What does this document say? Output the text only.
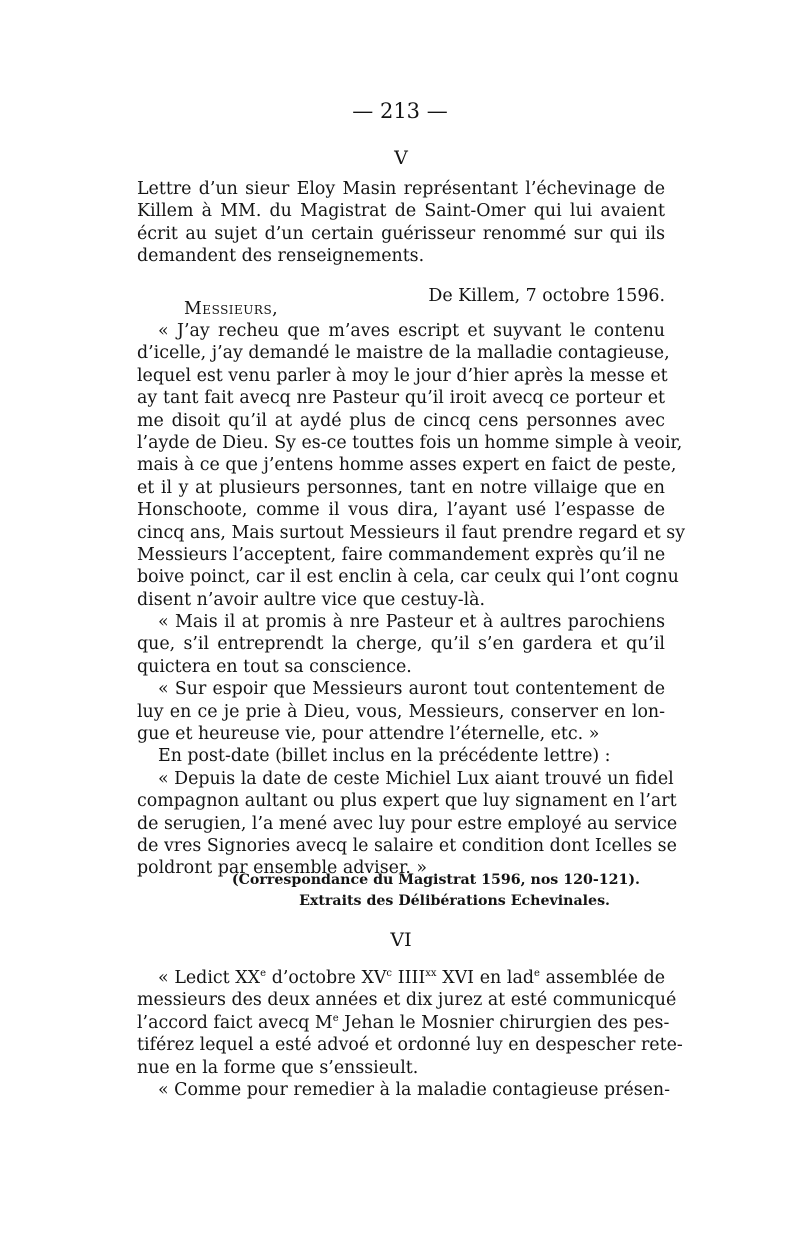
— 213 —
V
Lettre d’un sieur Eloy Masin représentant l’échevinage de
Killem à MM. du Magistrat de Saint-Omer qui lui avaient
écrit au sujet d’un certain guérisseur renommé sur qui ils
demandent des renseignements.
De Killem, 7 octobre 1596.
Messieurs,
« J’ay recheu que m’aves escript et suyvant le contenu
d’icelle, j’ay demandé le maistre de la malladie contagieuse,
lequel est venu parler à moy le jour d’hier après la messe et
ay tant fait avecq nre Pasteur qu’il iroit avecq ce porteur et
me disoit qu’il at aydé plus de cincq cens personnes avec
l’ayde de Dieu. Sy es-ce touttes fois un homme simple à veoir,
mais à ce que j’entens homme asses expert en faict de peste,
et il y at plusieurs personnes, tant en notre villaige que en
Honschoote, comme il vous dira, l’ayant usé l’espasse de
cincq ans, Mais surtout Messieurs il faut prendre regard et sy
Messieurs l’acceptent, faire commandement exprès qu’il ne
boive poinct, car il est enclin à cela, car ceulx qui l’ont cognu
disent n’avoir aultre vice que cestuy-là.
« Mais il at promis à nre Pasteur et à aultres parochiens
que, s’il entreprendt la cherge, qu’il s’en gardera et qu’il
quictera en tout sa conscience.
« Sur espoir que Messieurs auront tout contentement de
luy en ce je prie à Dieu, vous, Messieurs, conserver en lon-
gue et heureuse vie, pour attendre l’éternelle, etc. »
En post-date (billet inclus en la précédente lettre) :
« Depuis la date de ceste Michiel Lux aiant trouvé un fidel
compagnon aultant ou plus expert que luy signament en l’art
de serugien, l’a mené avec luy pour estre employé au service
de vres Signories avecq le salaire et condition dont Icelles se
poldront par ensemble adviser. »
(Correspondance du Magistrat 1596, nos 120-121).
Extraits des Délibérations Echevinales.
VI
« Ledict XXe d’octobre $XV^c$ IIII$^{xx}$ XVI en lad$^e$ assemblée de
messieurs des deux années et dix jurez at esté communicqué
l’accord faict avecq Me Jehan le Mosnier chirurgien des pes-
tiférez lequel a esté advoé et ordonné luy en despescher rete-
nue en la forme que s’enssieult.
« Comme pour remedier à la maladie contagieuse présen-
